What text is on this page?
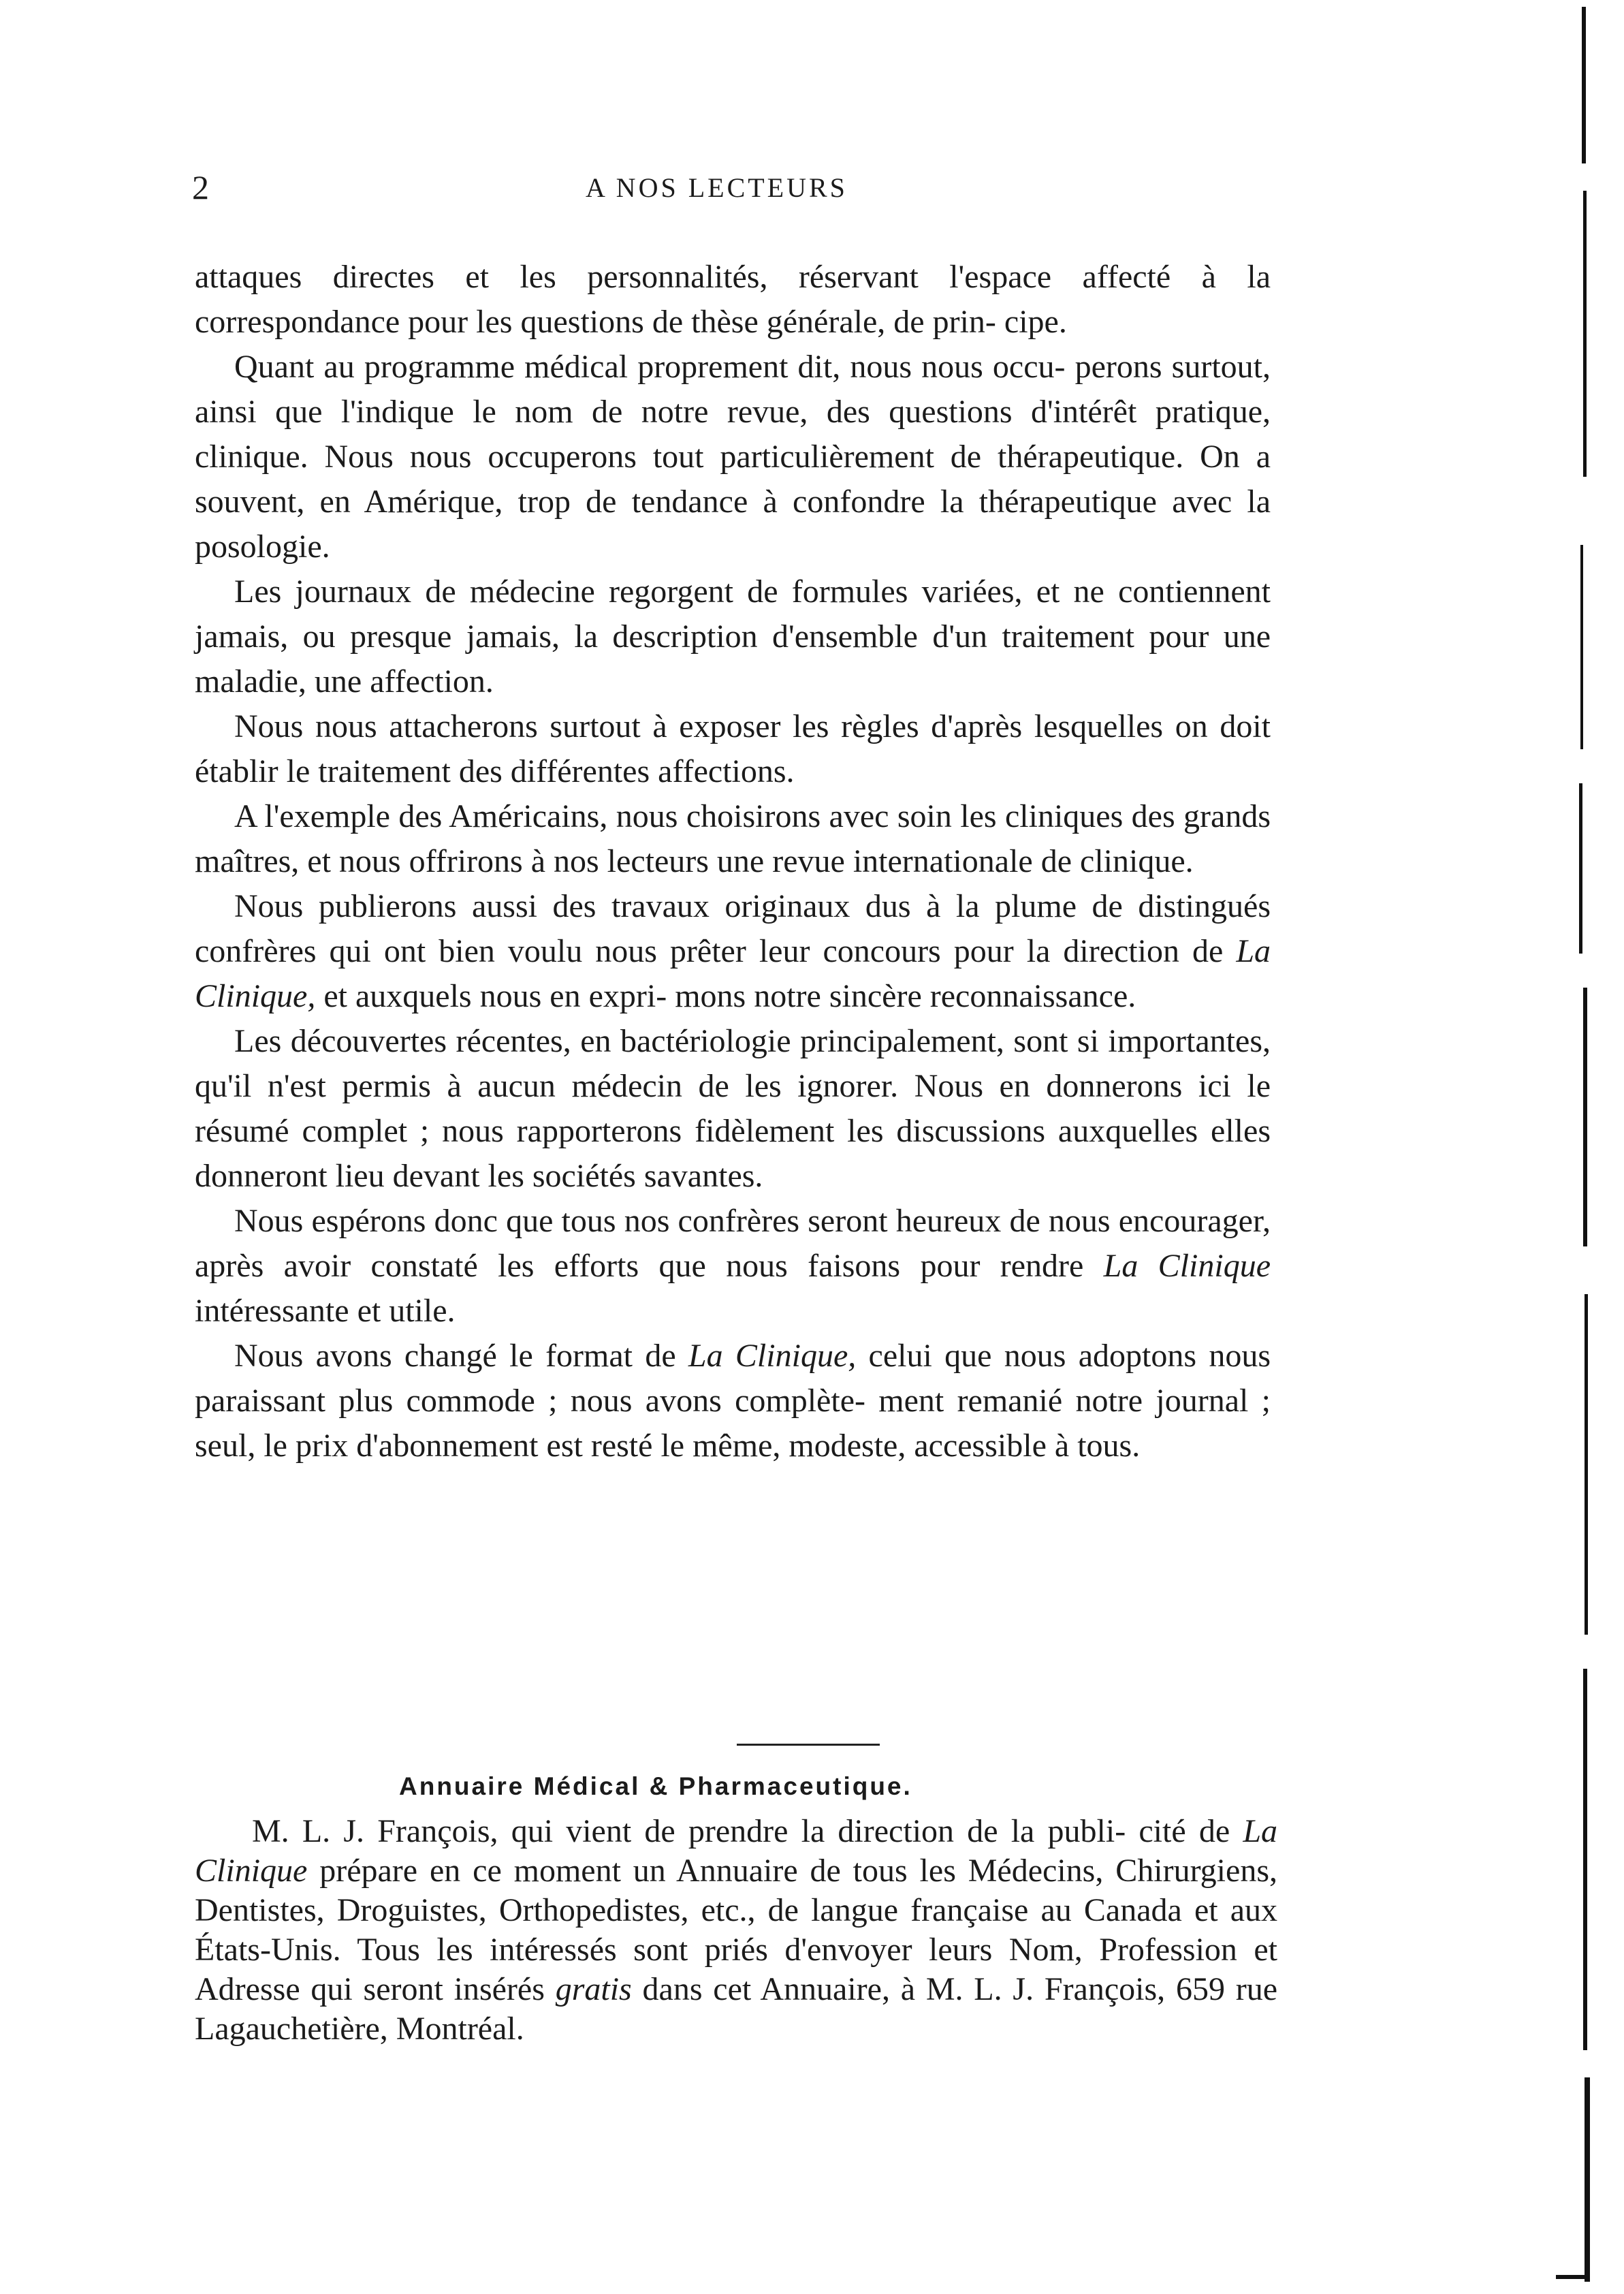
2	A NOS LECTEURS

attaques directes et les personnalités, réservant l'espace affecté à la correspondance pour les questions de thèse générale, de prin- cipe.

Quant au programme médical proprement dit, nous nous occu- perons surtout, ainsi que l'indique le nom de notre revue, des questions d'intérêt pratique, clinique. Nous nous occuperons tout particulièrement de thérapeutique. On a souvent, en Amérique, trop de tendance à confondre la thérapeutique avec la posologie.

Les journaux de médecine regorgent de formules variées, et ne contiennent jamais, ou presque jamais, la description d'ensemble d'un traitement pour une maladie, une affection.

Nous nous attacherons surtout à exposer les règles d'après lesquelles on doit établir le traitement des différentes affections.

A l'exemple des Américains, nous choisirons avec soin les cliniques des grands maîtres, et nous offrirons à nos lecteurs une revue internationale de clinique.

Nous publierons aussi des travaux originaux dus à la plume de distingués confrères qui ont bien voulu nous prêter leur concours pour la direction de La Clinique, et auxquels nous en expri- mons notre sincère reconnaissance.

Les découvertes récentes, en bactériologie principalement, sont si importantes, qu'il n'est permis à aucun médecin de les ignorer. Nous en donnerons ici le résumé complet ; nous rapporterons fidèlement les discussions auxquelles elles donneront lieu devant les sociétés savantes.

Nous espérons donc que tous nos confrères seront heureux de nous encourager, après avoir constaté les efforts que nous faisons pour rendre La Clinique intéressante et utile.

Nous avons changé le format de La Clinique, celui que nous adoptons nous paraissant plus commode ; nous avons complète- ment remanié notre journal ; seul, le prix d'abonnement est resté le même, modeste, accessible à tous.

Annuaire Médical & Pharmaceutique.

M. L. J. François, qui vient de prendre la direction de la publi- cité de La Clinique prépare en ce moment un Annuaire de tous les Médecins, Chirurgiens, Dentistes, Droguistes, Orthopedistes, etc., de langue française au Canada et aux États-Unis. Tous les intéressés sont priés d'envoyer leurs Nom, Profession et Adresse qui seront insérés gratis dans cet Annuaire, à M. L. J. François, 659 rue Lagauchetière, Montréal.
